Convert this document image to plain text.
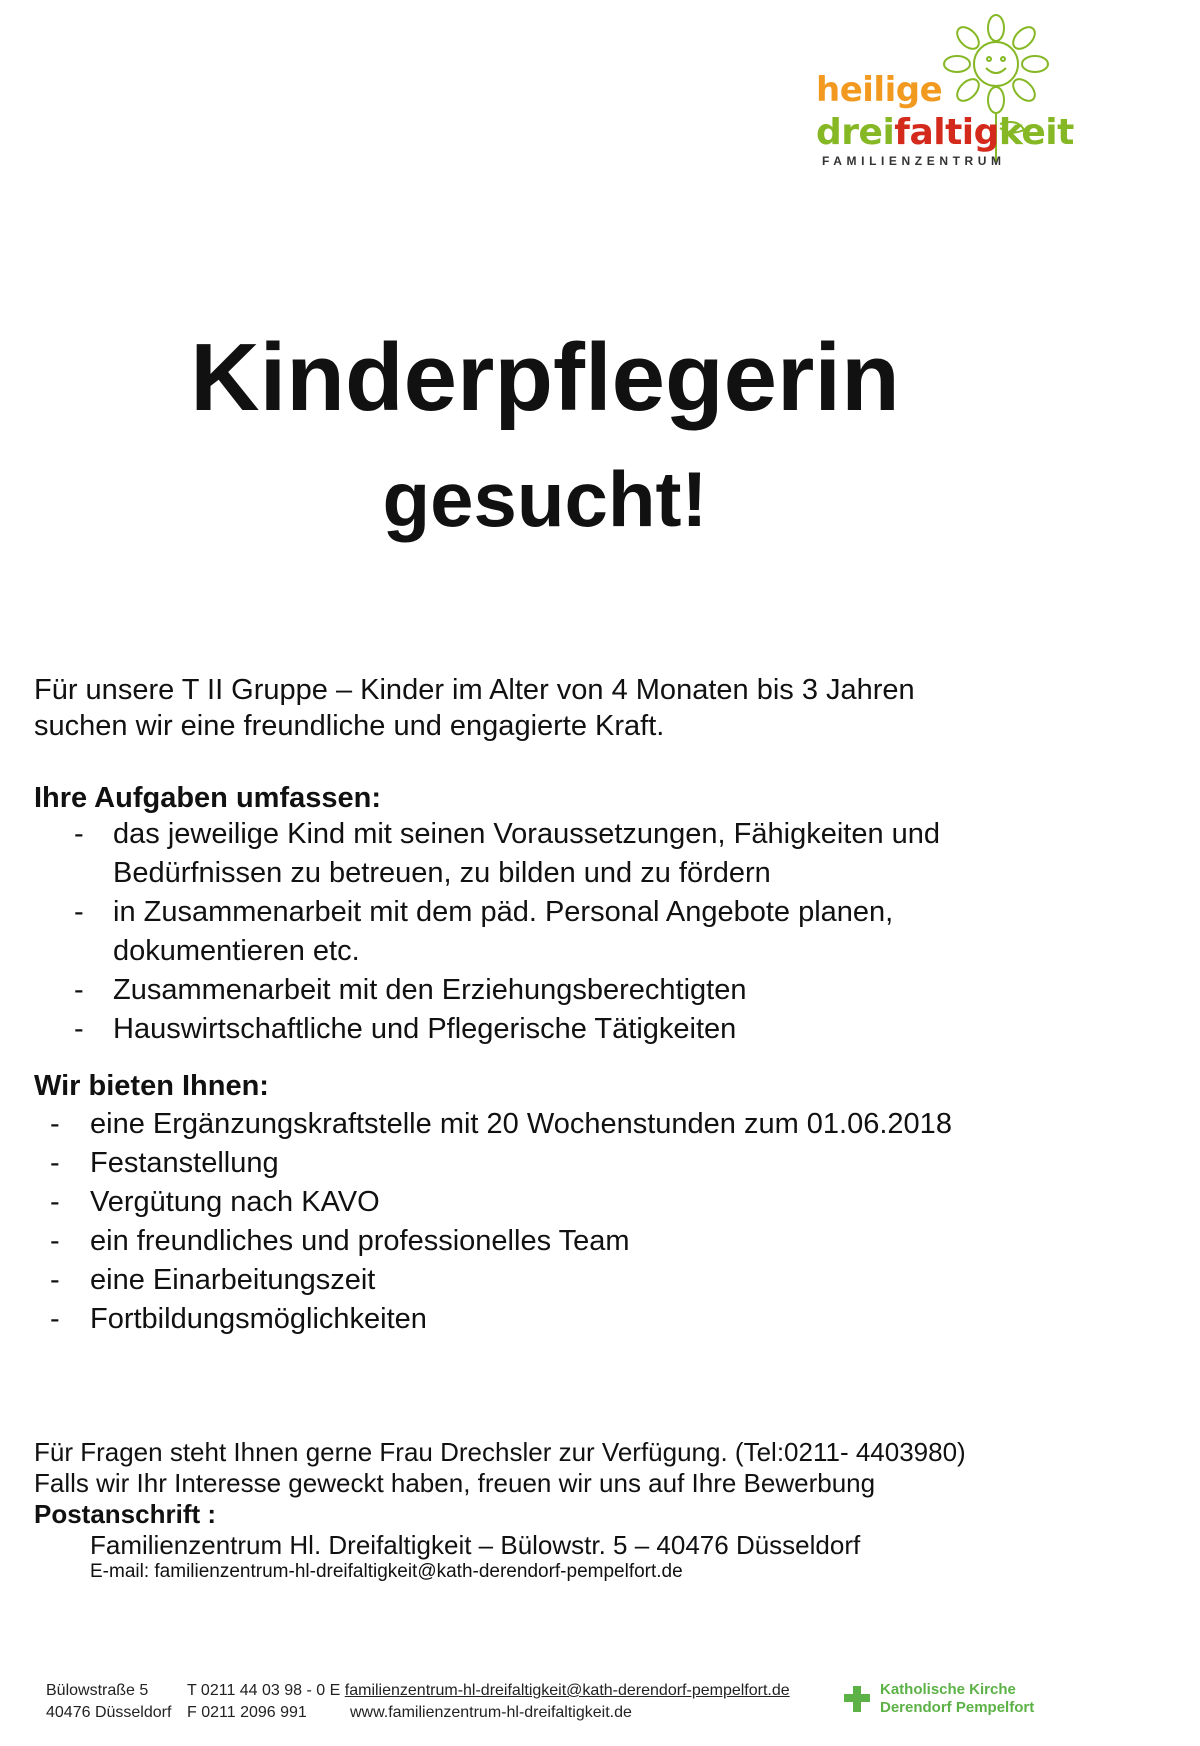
heilige
dreifaltigkeit
FAMILIENZENTRUM
Kinderpflegerin
gesucht!
Für unsere T II Gruppe – Kinder im Alter von 4 Monaten bis 3 Jahren
suchen wir eine freundliche und engagierte Kraft.
Ihre Aufgaben umfassen:
- das jeweilige Kind mit seinen Voraussetzungen, Fähigkeiten und
Bedürfnissen zu betreuen, zu bilden und zu fördern
- in Zusammenarbeit mit dem päd. Personal Angebote planen,
dokumentieren etc.
- Zusammenarbeit mit den Erziehungsberechtigten
- Hauswirtschaftliche und Pflegerische Tätigkeiten
Wir bieten Ihnen:
- eine Ergänzungskraftstelle mit 20 Wochenstunden zum 01.06.2018
- Festanstellung
- Vergütung nach KAVO
- ein freundliches und professionelles Team
- eine Einarbeitungszeit
- Fortbildungsmöglichkeiten
Für Fragen steht Ihnen gerne Frau Drechsler zur Verfügung. (Tel:0211- 4403980)
Falls wir Ihr Interesse geweckt haben, freuen wir uns auf Ihre Bewerbung
Postanschrift :
Familienzentrum Hl. Dreifaltigkeit – Bülowstr. 5 – 40476 Düsseldorf
E-mail: familienzentrum-hl-dreifaltigkeit@kath-derendorf-pempelfort.de
Bülowstraße 5
40476 Düsseldorf
T 0211 44 03 98 - 0 E familienzentrum-hl-dreifaltigkeit@kath-derendorf-pempelfort.de
F 0211 2096 991	www.familienzentrum-hl-dreifaltigkeit.de
Katholische Kirche
Derendorf Pempelfort
